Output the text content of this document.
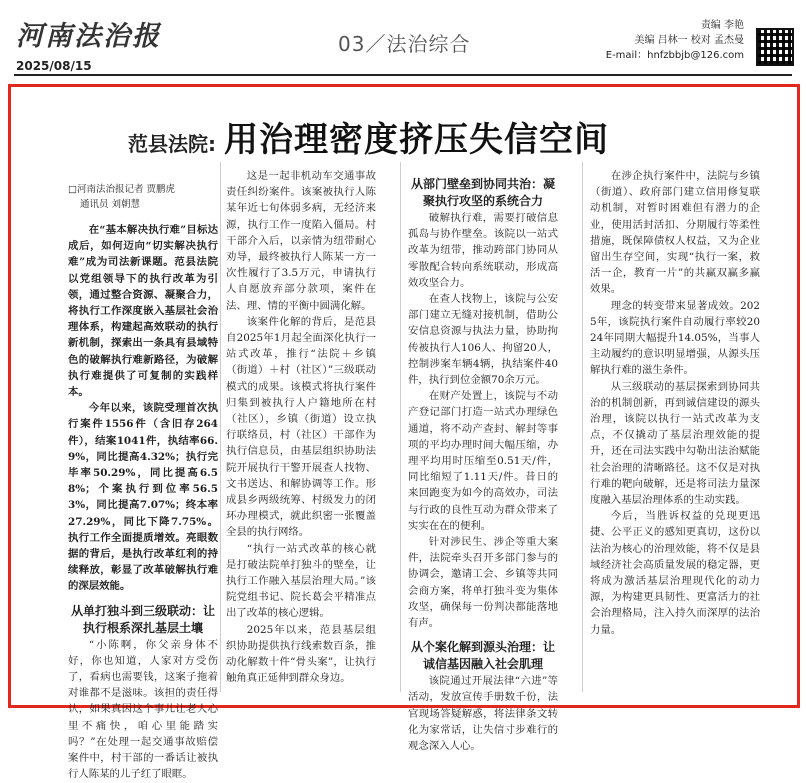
河南法治报
2025/08/15
03／法治综合
责编 李艳
美编 吕林一 校对 孟杰曼
E-mail：hnfzbbjb@126.com
范县法院: 用治理密度挤压失信空间
□河南法治报记者 贾鹏虎
通讯员 刘朝慧

在“基本解决执行难”目标达成后，如何迈向“切实解决执行难”成为司法新课题。范县法院以党组领导下的执行改革为引领，通过整合资源、凝聚合力，将执行工作深度嵌入基层社会治理体系，构建起高效联动的执行新机制，探索出一条具有县域特色的破解执行难新路径，为破解执行难提供了可复制的实践样本。

今年以来，该院受理首次执行案件1556件（含旧存264件），结案1041件，执结率66.9%，同比提高4.32%；执行完毕率50.29%，同比提高6.58%；个案执行到位率56.53%，同比提高7.07%；终本率27.29%，同比下降7.75%。执行工作全面提质增效。亮眼数据的背后，是执行改革红利的持续释放，彰显了改革破解执行难的深层效能。

从单打独斗到三级联动：让执行根系深扎基层土壤

“小陈啊，你父亲身体不好，你也知道，人家对方受伤了，看病也需要钱，这案子拖着对谁都不是滋味。该担的责任得认，如果真因这个事儿让老人心里不痛快，咱心里能踏实吗？”在处理一起交通事故赔偿案件中，村干部的一番话让被执行人陈某的儿子红了眼眶。

这是一起非机动车交通事故责任纠纷案件。该案被执行人陈某年近七旬体弱多病，无经济来源，执行工作一度陷入僵局。村干部介入后，以亲情为纽带耐心劝导，最终被执行人陈某一方一次性履行了3.5万元，申请执行人自愿放弃部分款项，案件在法、理、情的平衡中圆满化解。

该案件化解的背后，是范县自2025年1月起全面深化执行一站式改革，推行“法院＋乡镇（街道）＋村（社区）”三级联动模式的成果。该模式将执行案件归集到被执行人户籍地所在村（社区），乡镇（街道）设立执行联络员，村（社区）干部作为执行信息员，由基层组织协助法院开展执行干警开展查人找物、文书送达、和解协调等工作。形成县乡两级统筹、村级发力的闭环办理模式，就此织密一张覆盖全县的执行网络。

“执行一站式改革的核心就是打破法院单打独斗的壁垒，让执行工作融入基层治理大局。”该院党组书记、院长葛会平精准点出了改革的核心逻辑。

2025年以来，范县基层组织协助提供执行线索数百条，推动化解数十件“骨头案”，让执行触角真正延伸到群众身边。

从部门壁垒到协同共治：凝聚执行攻坚的系统合力

破解执行难，需要打破信息孤岛与协作壁垒。该院以一站式改革为纽带，推动跨部门协同从零散配合转向系统联动，形成高效攻坚合力。

在查人找物上，该院与公安部门建立无缝对接机制，借助公安信息资源与执法力量，协助拘传被执行人106人、拘留20人，控制涉案车辆4辆，执结案件40件，执行到位金额70余万元。

在财产处置上，该院与不动产登记部门打造一站式办理绿色通道，将不动产查封、解封等事项的平均办理时间大幅压缩，办理平均用时压缩至0.51天/件，同比缩短了1.11天/件。昔日的来回跑变为如今的高效办，司法与行政的良性互动为群众带来了实实在在的便利。

针对涉民生、涉企等重大案件，法院牵头召开多部门参与的协调会，邀请工会、乡镇等共同会商方案，将单打独斗变为集体攻坚，确保每一份判决都能落地有声。

从个案化解到源头治理：让诚信基因融入社会肌理

该院通过开展法律“六进”等活动，发放宣传手册数千份，法官现场答疑解惑，将法律条文转化为家常话，让失信寸步难行的观念深入人心。

在涉企执行案件中，法院与乡镇（街道）、政府部门建立信用修复联动机制，对暂时困难但有潜力的企业，使用活封活扣、分期履行等柔性措施，既保障债权人权益，又为企业留出生存空间，实现“执行一案，救活一企，教育一片”的共赢双赢多赢效果。

理念的转变带来显著成效。2025年，该院执行案件自动履行率较2024年同期大幅提升14.05%，当事人主动履约的意识明显增强，从源头压解执行难的滋生条件。

从三级联动的基层探索到协同共治的机制创新，再到诚信建设的源头治理，该院以执行一站式改革为支点，不仅撬动了基层治理效能的提升，还在司法实践中勾勒出法治赋能社会治理的清晰路径。这不仅是对执行难的靶向破解，还是将司法力量深度融入基层治理体系的生动实践。

今后，当胜诉权益的兑现更迅捷、公平正义的感知更真切，这份以法治为核心的治理效能，将不仅是县域经济社会高质量发展的稳定器，更将成为激活基层治理现代化的动力源，为构建更具韧性、更富活力的社会治理格局，注入持久而深厚的法治力量。
